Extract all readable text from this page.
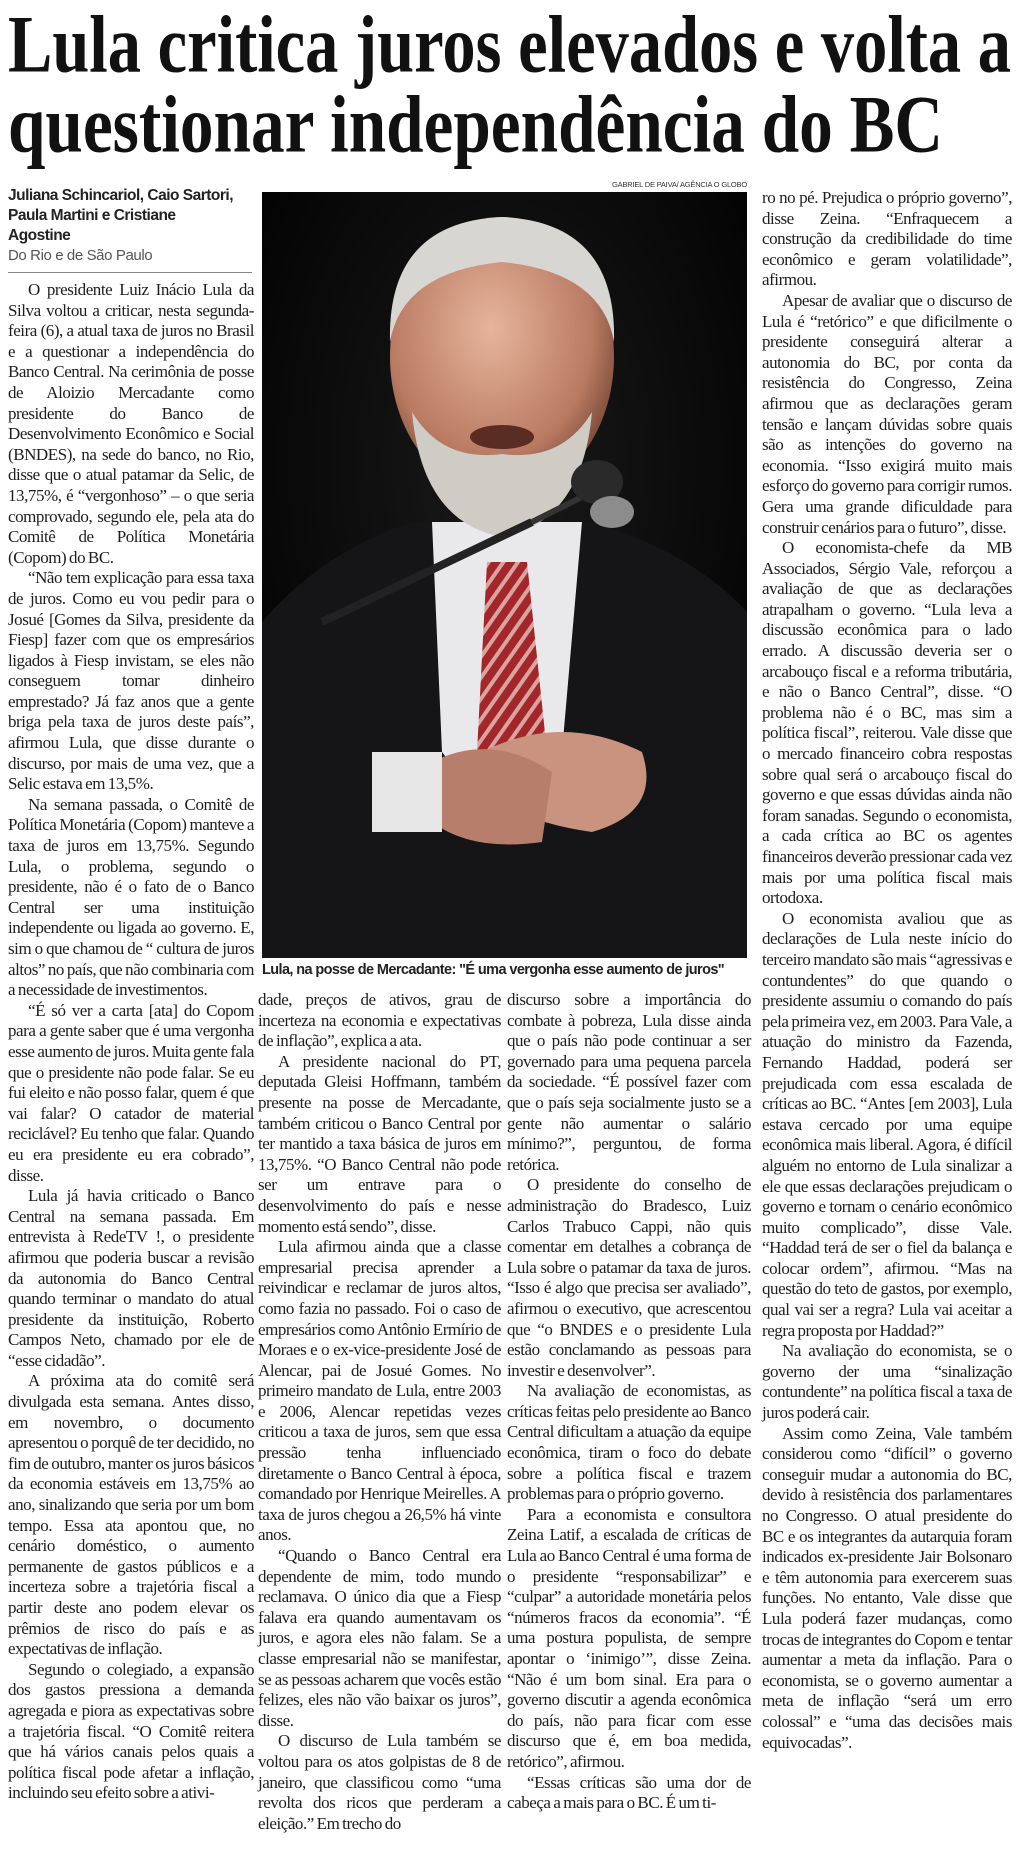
Lula critica juros elevados e volta a
questionar independência do BC
Juliana Schincariol, Caio Sartori,
Paula Martini e Cristiane
Agostine
Do Rio e de São Paulo

O presidente Luiz Inácio Lula da Silva voltou a criticar, nesta segunda-feira (6), a atual taxa de juros no Brasil e a questionar a independência do Banco Central. Na cerimônia de posse de Aloizio Mercadante como presidente do Banco de Desenvolvimento Econômico e Social (BNDES), na sede do banco, no Rio, disse que o atual patamar da Selic, de 13,75%, é “vergonhoso” – o que seria comprovado, segundo ele, pela ata do Comitê de Política Monetária (Copom) do BC.

“Não tem explicação para essa taxa de juros. Como eu vou pedir para o Josué [Gomes da Silva, presidente da Fiesp] fazer com que os empresários ligados à Fiesp invistam, se eles não conseguem tomar dinheiro emprestado? Já faz anos que a gente briga pela taxa de juros deste país”, afirmou Lula, que disse durante o discurso, por mais de uma vez, que a Selic estava em 13,5%.

Na semana passada, o Comitê de Política Monetária (Copom) manteve a taxa de juros em 13,75%. Segundo Lula, o problema, segundo o presidente, não é o fato de o Banco Central ser uma instituição independente ou ligada ao governo. E, sim o que chamou de “ cultura de juros altos” no país, que não combinaria com a necessidade de investimentos.

“É só ver a carta [ata] do Copom para a gente saber que é uma vergonha esse aumento de juros. Muita gente fala que o presidente não pode falar. Se eu fui eleito e não posso falar, quem é que vai falar? O catador de material reciclável? Eu tenho que falar. Quando eu era presidente eu era cobrado”, disse.

Lula já havia criticado o Banco Central na semana passada. Em entrevista à RedeTV !, o presidente afirmou que poderia buscar a revisão da autonomia do Banco Central quando terminar o mandato do atual presidente da instituição, Roberto Campos Neto, chamado por ele de “esse cidadão”.

A próxima ata do comitê será divulgada esta semana. Antes disso, em novembro, o documento apresentou o porquê de ter decidido, no fim de outubro, manter os juros básicos da economia estáveis em 13,75% ao ano, sinalizando que seria por um bom tempo. Essa ata apontou que, no cenário doméstico, o aumento permanente de gastos públicos e a incerteza sobre a trajetória fiscal a partir deste ano podem elevar os prêmios de risco do país e as expectativas de inflação.

Segundo o colegiado, a expansão dos gastos pressiona a demanda agregada e piora as expectativas sobre a trajetória fiscal. “O Comitê reitera que há vários canais pelos quais a política fiscal pode afetar a inflação, incluindo seu efeito sobre a ativi-

GABRIEL DE PAIVA/ AGÊNCIA O GLOBO
Lula, na posse de Mercadante: "É uma vergonha esse aumento de juros"

dade, preços de ativos, grau de incerteza na economia e expectativas de inflação”, explica a ata.

A presidente nacional do PT, deputada Gleisi Hoffmann, também presente na posse de Mercadante, também criticou o Banco Central por ter mantido a taxa básica de juros em 13,75%. “O Banco Central não pode ser um entrave para o desenvolvimento do país e nesse momento está sendo”, disse.

Lula afirmou ainda que a classe empresarial precisa aprender a reivindicar e reclamar de juros altos, como fazia no passado. Foi o caso de empresários como Antônio Ermírio de Moraes e o ex-vice-presidente José de Alencar, pai de Josué Gomes. No primeiro mandato de Lula, entre 2003 e 2006, Alencar repetidas vezes criticou a taxa de juros, sem que essa pressão tenha influenciado diretamente o Banco Central à época, comandado por Henrique Meirelles. A taxa de juros chegou a 26,5% há vinte anos.

“Quando o Banco Central era dependente de mim, todo mundo reclamava. O único dia que a Fiesp falava era quando aumentavam os juros, e agora eles não falam. Se a classe empresarial não se manifestar, se as pessoas acharem que vocês estão felizes, eles não vão baixar os juros”, disse.

O discurso de Lula também se voltou para os atos golpistas de 8 de janeiro, que classificou como “uma revolta dos ricos que perderam a eleição.” Em trecho do

discurso sobre a importância do combate à pobreza, Lula disse ainda que o país não pode continuar a ser governado para uma pequena parcela da sociedade. “É possível fazer com que o país seja socialmente justo se a gente não aumentar o salário mínimo?”, perguntou, de forma retórica.

O presidente do conselho de administração do Bradesco, Luiz Carlos Trabuco Cappi, não quis comentar em detalhes a cobrança de Lula sobre o patamar da taxa de juros. “Isso é algo que precisa ser avaliado”, afirmou o executivo, que acrescentou que “o BNDES e o presidente Lula estão conclamando as pessoas para investir e desenvolver”.

Na avaliação de economistas, as críticas feitas pelo presidente ao Banco Central dificultam a atuação da equipe econômica, tiram o foco do debate sobre a política fiscal e trazem problemas para o próprio governo.

Para a economista e consultora Zeina Latif, a escalada de críticas de Lula ao Banco Central é uma forma de o presidente “responsabilizar” e “culpar” a autoridade monetária pelos “números fracos da economia”. “É uma postura populista, de sempre apontar o ‘inimigo’”, disse Zeina. “Não é um bom sinal. Era para o governo discutir a agenda econômica do país, não para ficar com esse discurso que é, em boa medida, retórico”, afirmou.

“Essas críticas são uma dor de cabeça a mais para o BC. É um ti-

ro no pé. Prejudica o próprio governo”, disse Zeina. “Enfraquecem a construção da credibilidade do time econômico e geram volatilidade”, afirmou.

Apesar de avaliar que o discurso de Lula é “retórico” e que dificilmente o presidente conseguirá alterar a autonomia do BC, por conta da resistência do Congresso, Zeina afirmou que as declarações geram tensão e lançam dúvidas sobre quais são as intenções do governo na economia. “Isso exigirá muito mais esforço do governo para corrigir rumos. Gera uma grande dificuldade para construir cenários para o futuro”, disse.

O economista-chefe da MB Associados, Sérgio Vale, reforçou a avaliação de que as declarações atrapalham o governo. “Lula leva a discussão econômica para o lado errado. A discussão deveria ser o arcabouço fiscal e a reforma tributária, e não o Banco Central”, disse. “O problema não é o BC, mas sim a política fiscal”, reiterou. Vale disse que o mercado financeiro cobra respostas sobre qual será o arcabouço fiscal do governo e que essas dúvidas ainda não foram sanadas. Segundo o economista, a cada crítica ao BC os agentes financeiros deverão pressionar cada vez mais por uma política fiscal mais ortodoxa.

O economista avaliou que as declarações de Lula neste início do terceiro mandato são mais “agressivas e contundentes” do que quando o presidente assumiu o comando do país pela primeira vez, em 2003. Para Vale, a atuação do ministro da Fazenda, Fernando Haddad, poderá ser prejudicada com essa escalada de críticas ao BC. “Antes [em 2003], Lula estava cercado por uma equipe econômica mais liberal. Agora, é difícil alguém no entorno de Lula sinalizar a ele que essas declarações prejudicam o governo e tornam o cenário econômico muito complicado”, disse Vale. “Haddad terá de ser o fiel da balança e colocar ordem”, afirmou. “Mas na questão do teto de gastos, por exemplo, qual vai ser a regra? Lula vai aceitar a regra proposta por Haddad?”

Na avaliação do economista, se o governo der uma “sinalização contundente” na política fiscal a taxa de juros poderá cair.

Assim como Zeina, Vale também considerou como “difícil” o governo conseguir mudar a autonomia do BC, devido à resistência dos parlamentares no Congresso. O atual presidente do BC e os integrantes da autarquia foram indicados ex-presidente Jair Bolsonaro e têm autonomia para exercerem suas funções. No entanto, Vale disse que Lula poderá fazer mudanças, como trocas de integrantes do Copom e tentar aumentar a meta da inflação. Para o economista, se o governo aumentar a meta de inflação “será um erro colossal” e “uma das decisões mais equivocadas”.
